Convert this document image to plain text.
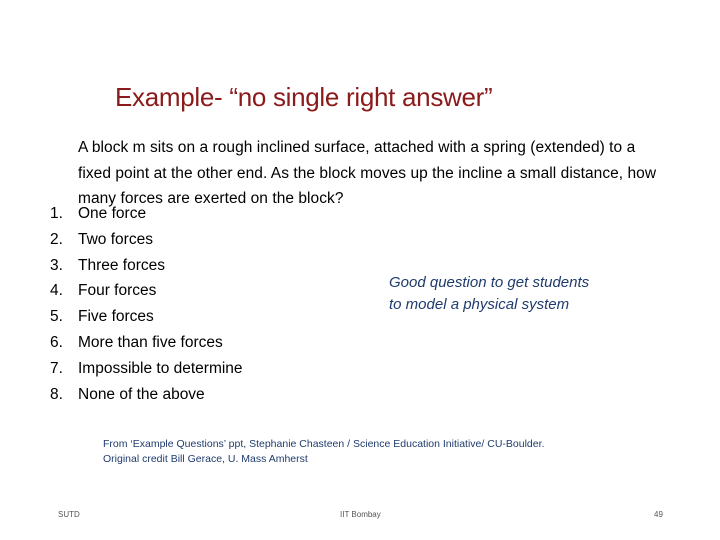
Example- “no single right answer”
A block m sits on a rough inclined surface, attached with a spring (extended) to a fixed point at the other end. As the block moves up the incline a small distance, how many forces are exerted on the block?
1. One force
2. Two forces
3. Three forces
4. Four forces
5. Five forces
6. More than five forces
7. Impossible to determine
8. None of the above
Good question to get students
to model a physical system
From ‘Example Questions’ ppt, Stephanie Chasteen / Science Education Initiative/ CU-Boulder.
Original credit Bill Gerace, U. Mass Amherst
SUTD	IIT Bombay	49
